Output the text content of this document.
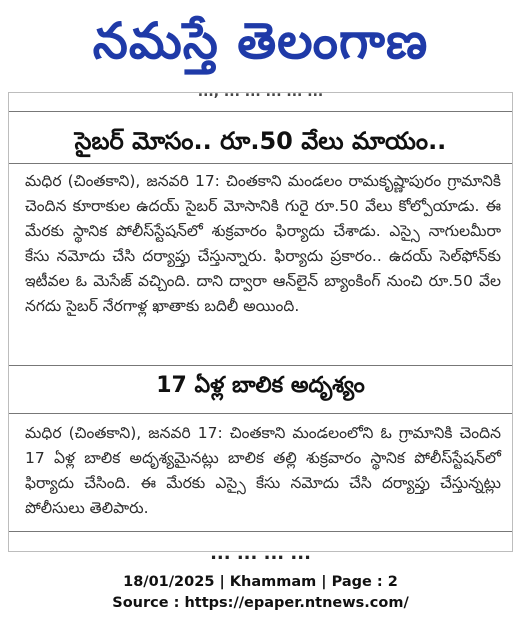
నమస్తే తెలంగాణ
..., ... ... ... ... ...
సైబర్ మోసం.. రూ.50 వేలు మాయం..
మధిర (చింతకాని), జనవరి 17: చింతకాని మండలం రామకృష్ణాపురం గ్రామానికి చెందిన కూరాకుల ఉదయ్ సైబర్ మోసానికి గురై రూ.50 వేలు కోల్పోయాడు. ఈ మేరకు స్థానిక పోలీస్‌స్టేషన్‌లో శుక్రవారం ఫిర్యాదు చేశాడు. ఎస్సై నాగులమీరా కేసు నమోదు చేసి దర్యాప్తు చేస్తున్నారు. ఫిర్యాదు ప్రకారం.. ఉదయ్ సెల్‌ఫోన్‌కు ఇటీవల ఓ మెసేజ్ వచ్చింది. దాని ద్వారా ఆన్‌లైన్ బ్యాంకింగ్ నుంచి రూ.50 వేల నగదు సైబర్ నేరగాళ్ల ఖాతాకు బదిలీ అయింది.
17 ఏళ్ల బాలిక అదృశ్యం
మధిర (చింతకాని), జనవరి 17: చింతకాని మండలంలోని ఓ గ్రామానికి చెందిన 17 ఏళ్ల బాలిక అదృశ్యమైనట్లు బాలిక తల్లి శుక్రవారం స్థానిక పోలీస్‌స్టేషన్‌లో ఫిర్యాదు చేసింది. ఈ మేరకు ఎస్సై కేసు నమోదు చేసి దర్యాప్తు చేస్తున్నట్లు పోలీసులు తెలిపారు.
... ... ... ...
18/01/2025 | Khammam | Page : 2
Source : https://epaper.ntnews.com/
